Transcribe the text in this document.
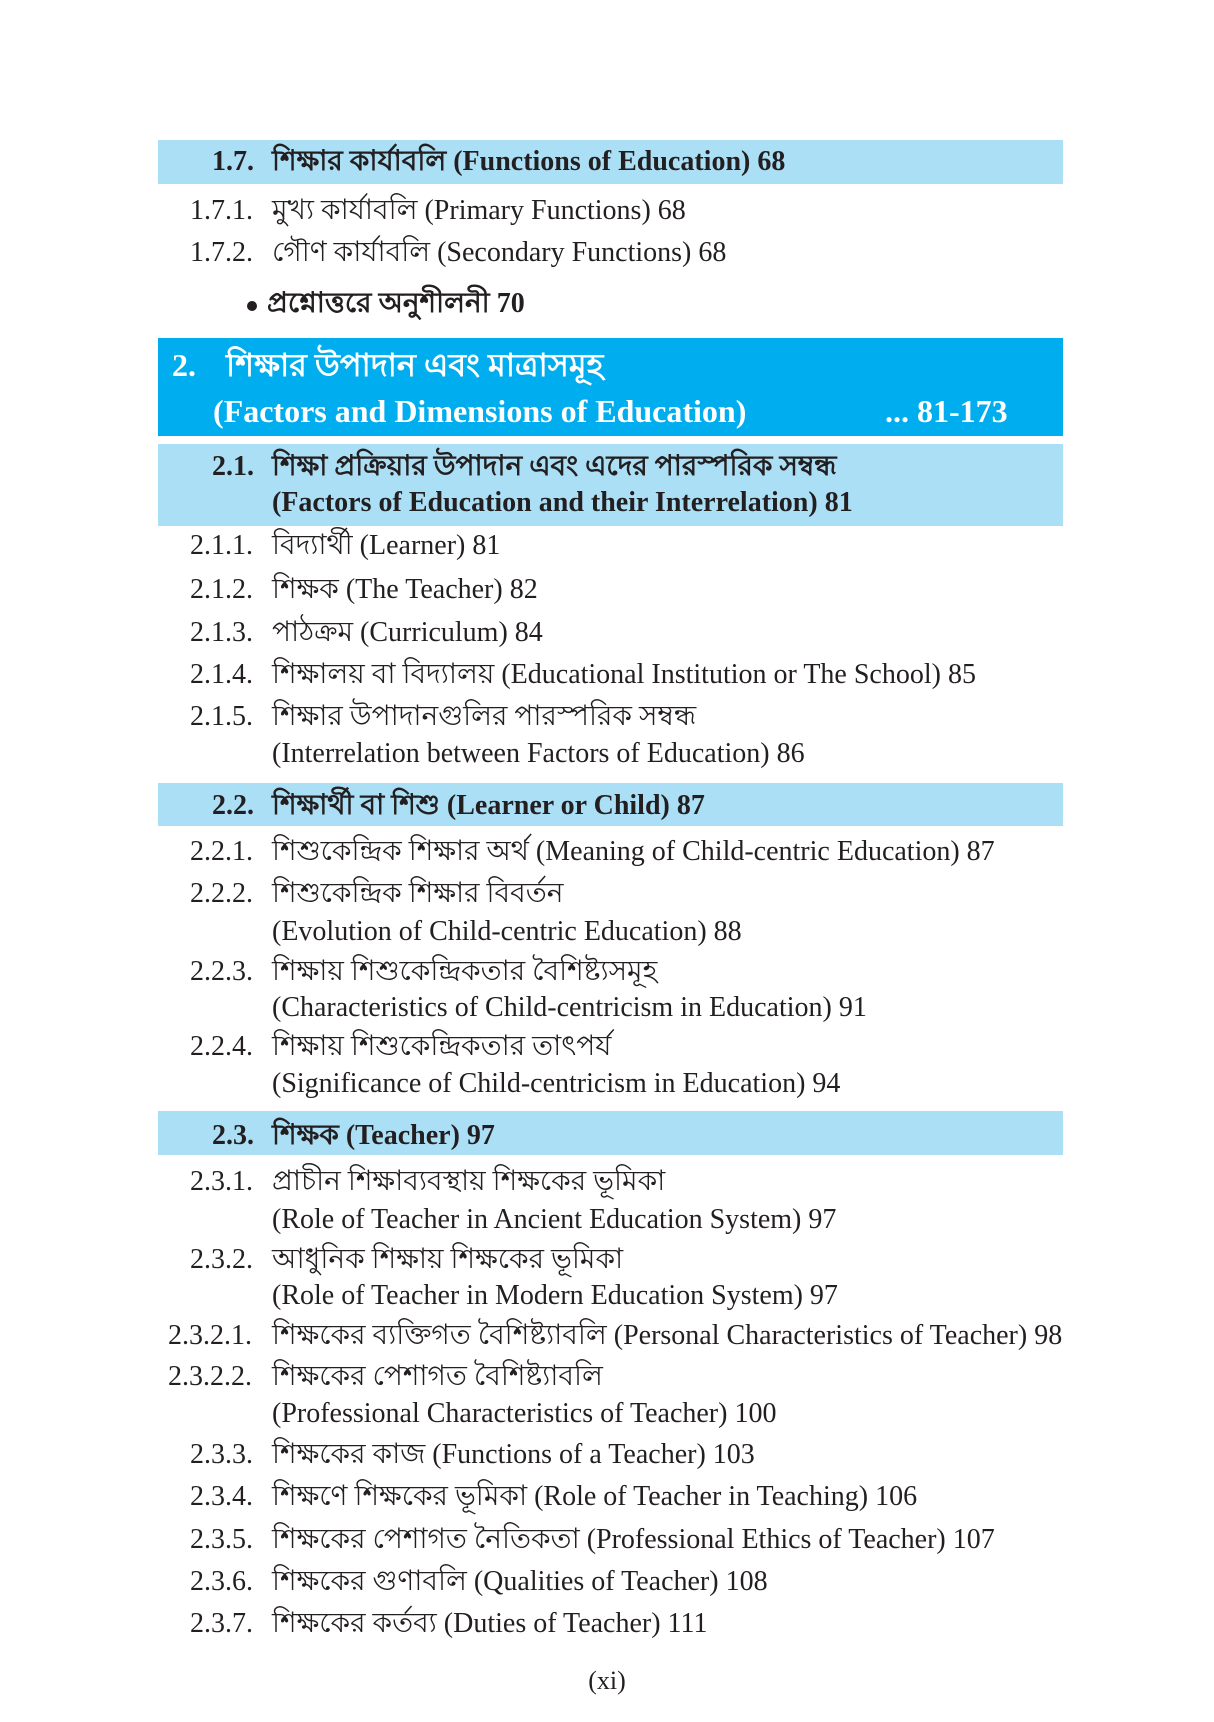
1.7. শিক্ষার কার্যাবলি (Functions of Education) 68
1.7.1. মুখ্য কার্যাবলি (Primary Functions) 68
1.7.2. গৌণ কার্যাবলি (Secondary Functions) 68
প্রশ্নোত্তরে অনুশীলনী 70
2. শিক্ষার উপাদান এবং মাত্রাসমূহ
(Factors and Dimensions of Education)	... 81-173
2.1. শিক্ষা প্রক্রিয়ার উপাদান এবং এদের পারস্পরিক সম্বন্ধ
(Factors of Education and their Interrelation) 81
2.1.1. বিদ্যার্থী (Learner) 81
2.1.2. শিক্ষক (The Teacher) 82
2.1.3. পাঠক্রম (Curriculum) 84
2.1.4. শিক্ষালয় বা বিদ্যালয় (Educational Institution or The School) 85
2.1.5. শিক্ষার উপাদানগুলির পারস্পরিক সম্বন্ধ
(Interrelation between Factors of Education) 86
2.2. শিক্ষার্থী বা শিশু (Learner or Child) 87
2.2.1. শিশুকেন্দ্রিক শিক্ষার অর্থ (Meaning of Child-centric Education) 87
2.2.2. শিশুকেন্দ্রিক শিক্ষার বিবর্তন
(Evolution of Child-centric Education) 88
2.2.3. শিক্ষায় শিশুকেন্দ্রিকতার বৈশিষ্ট্যসমূহ
(Characteristics of Child-centricism in Education) 91
2.2.4. শিক্ষায় শিশুকেন্দ্রিকতার তাৎপর্য
(Significance of Child-centricism in Education) 94
2.3. শিক্ষক (Teacher) 97
2.3.1. প্রাচীন শিক্ষাব্যবস্থায় শিক্ষকের ভূমিকা
(Role of Teacher in Ancient Education System) 97
2.3.2. আধুনিক শিক্ষায় শিক্ষকের ভূমিকা
(Role of Teacher in Modern Education System) 97
2.3.2.1. শিক্ষকের ব্যক্তিগত বৈশিষ্ট্যাবলি (Personal Characteristics of Teacher) 98
2.3.2.2. শিক্ষকের পেশাগত বৈশিষ্ট্যাবলি
(Professional Characteristics of Teacher) 100
2.3.3. শিক্ষকের কাজ (Functions of a Teacher) 103
2.3.4. শিক্ষণে শিক্ষকের ভূমিকা (Role of Teacher in Teaching) 106
2.3.5. শিক্ষকের পেশাগত নৈতিকতা (Professional Ethics of Teacher) 107
2.3.6. শিক্ষকের গুণাবলি (Qualities of Teacher) 108
2.3.7. শিক্ষকের কর্তব্য (Duties of Teacher) 111
(xi)
